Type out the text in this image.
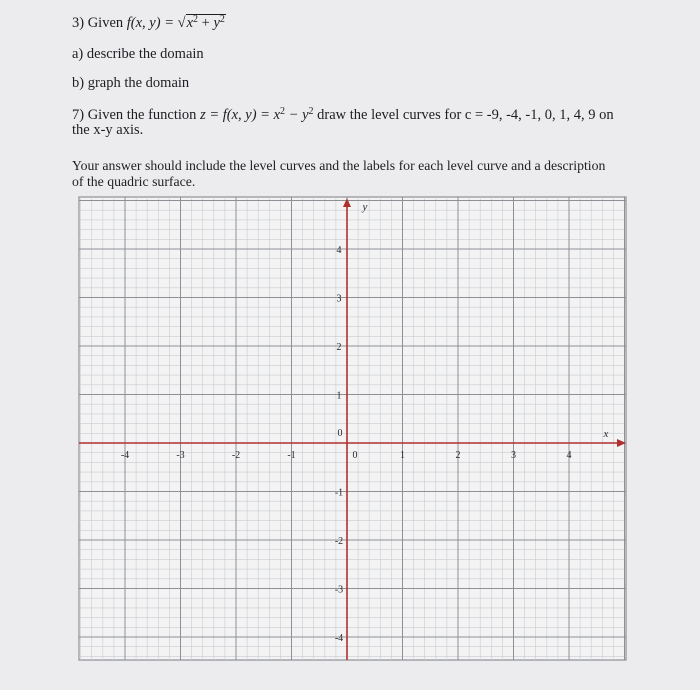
3) Given f(x, $y) = √x^2 + y^2$
a) describe the domain
b) graph the domain
7) Given the function z = f(x, $y) = x^2 - y^2$ draw the level curves for c = -9, -4, -1, 0, 1, 4, 9 on
the x-y axis.
Your answer should include the level curves and the labels for each level curve and a description
of the quadric surface.
x
y
-4	-3	-2	-1	0	1	2	3	4
4
3
2
1
0
-1
-2
-3
-4
